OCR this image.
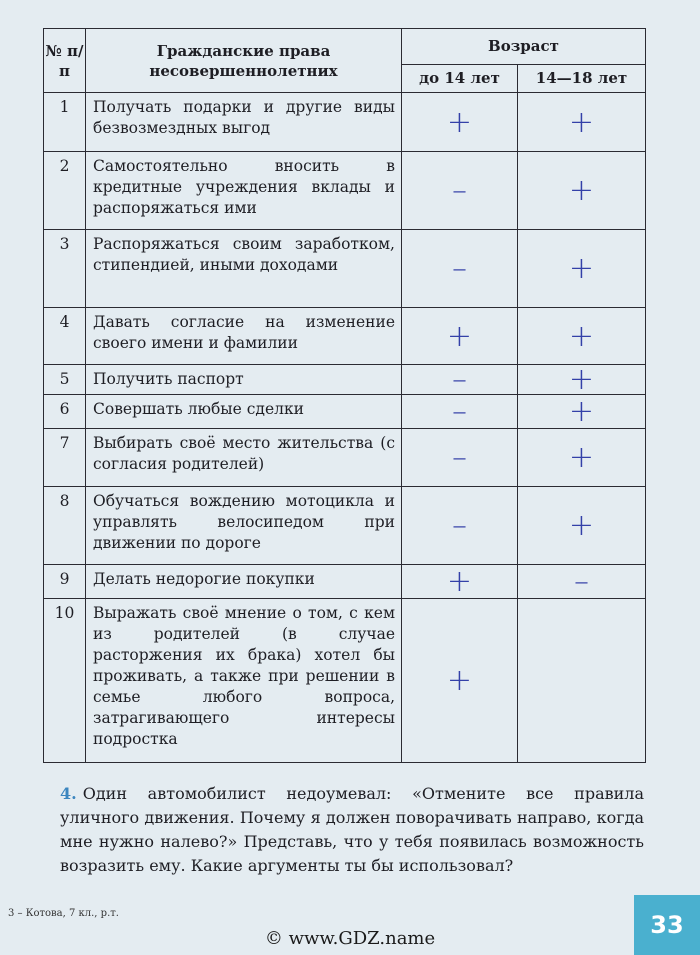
№ п/п	Гражданские права несовершеннолетних	Возраст	
		до 14 лет	14—18 лет
1	Получать подарки и другие виды безвозмездных выгод	+	+
2	Самостоятельно вносить в кредитные учреждения вклады и распоряжаться ими	–	+
3	Распоряжаться своим заработком, стипендией, иными доходами	–	+
4	Давать согласие на изменение своего имени и фамилии	+	+
5	Получить паспорт	–	+
6	Совершать любые сделки	–	+
7	Выбирать своё место жительства (с согласия родителей)	–	+
8	Обучаться вождению мотоцикла и управлять велосипедом при движении по дороге	–	+
9	Делать недорогие покупки	+	–
10	Выражать своё мнение о том, с кем из родителей (в случае расторжения их брака) хотел бы проживать, а также при решении в семье любого вопроса, затрагивающего интересы подростка	+	
4. Один автомобилист недоумевал: «Отмените все правила уличного движения. Почему я должен поворачивать направо, когда мне нужно налево?» Представь, что у тебя появилась возможность возразить ему. Какие аргументы ты бы использовал?
3 – Котова, 7 кл., р.т.	33
© www.GDZ.name
